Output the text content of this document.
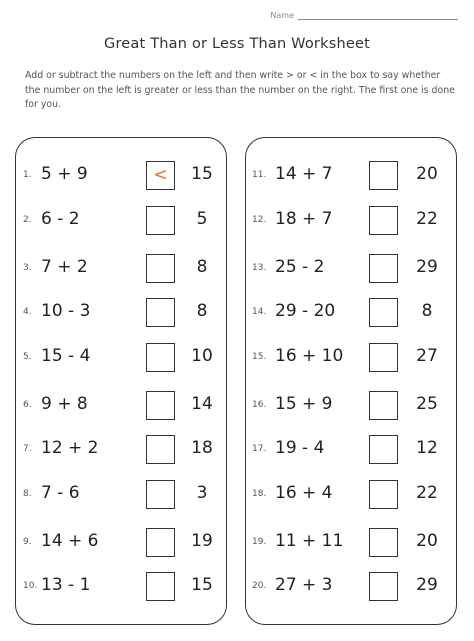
Name
Great Than or Less Than Worksheet

Add or subtract the numbers on the left and then write > or < in the box to say whether the number on the left is greater or less than the number on the right. The first one is done for you.

1. 5 + 9	<	15
2. 6 - 2	5
3. 7 + 2	8
4. 10 - 3	8
5. 15 - 4	10
6. 9 + 8	14
7. 12 + 2	18
8. 7 - 6	3
9. 14 + 6	19
10. 13 - 1	15
11. 14 + 7	20
12. 18 + 7	22
13. 25 - 2	29
14. 29 - 20	8
15. 16 + 10	27
16. 15 + 9	25
17. 19 - 4	12
18. 16 + 4	22
19. 11 + 11	20
20. 27 + 3	29
